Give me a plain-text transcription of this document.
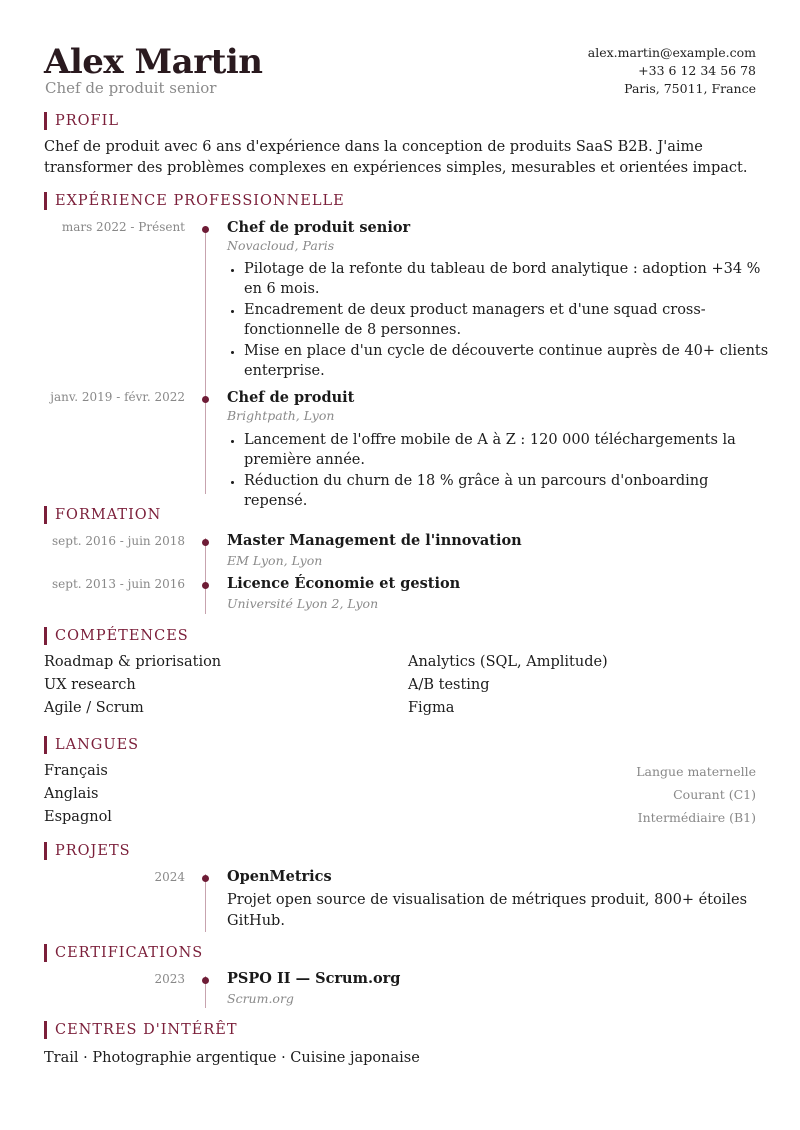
Alex Martin
Chef de produit senior
alex.martin@example.com
+33 6 12 34 56 78
Paris, 75011, France
PROFIL
Chef de produit avec 6 ans d'expérience dans la conception de produits SaaS B2B. J'aime
transformer des problèmes complexes en expériences simples, mesurables et orientées impact.
EXPÉRIENCE PROFESSIONNELLE
mars 2022 - Présent	Chef de produit senior
Novacloud, Paris
• Pilotage de la refonte du tableau de bord analytique : adoption +34 % en 6 mois.
• Encadrement de deux product managers et d'une squad cross-fonctionnelle de 8 personnes.
• Mise en place d'un cycle de découverte continue auprès de 40+ clients enterprise.
janv. 2019 - févr. 2022	Chef de produit
Brightpath, Lyon
• Lancement de l'offre mobile de A à Z : 120 000 téléchargements la première année.
• Réduction du churn de 18 % grâce à un parcours d'onboarding repensé.
FORMATION
sept. 2016 - juin 2018	Master Management de l'innovation
EM Lyon, Lyon
sept. 2013 - juin 2016	Licence Économie et gestion
Université Lyon 2, Lyon
COMPÉTENCES
Roadmap & priorisation	Analytics (SQL, Amplitude)
UX research	A/B testing
Agile / Scrum	Figma
LANGUES
Français	Langue maternelle
Anglais	Courant (C1)
Espagnol	Intermédiaire (B1)
PROJETS
2024	OpenMetrics
Projet open source de visualisation de métriques produit, 800+ étoiles GitHub.
CERTIFICATIONS
2023	PSPO II — Scrum.org
Scrum.org
CENTRES D'INTÉRÊT
Trail · Photographie argentique · Cuisine japonaise
